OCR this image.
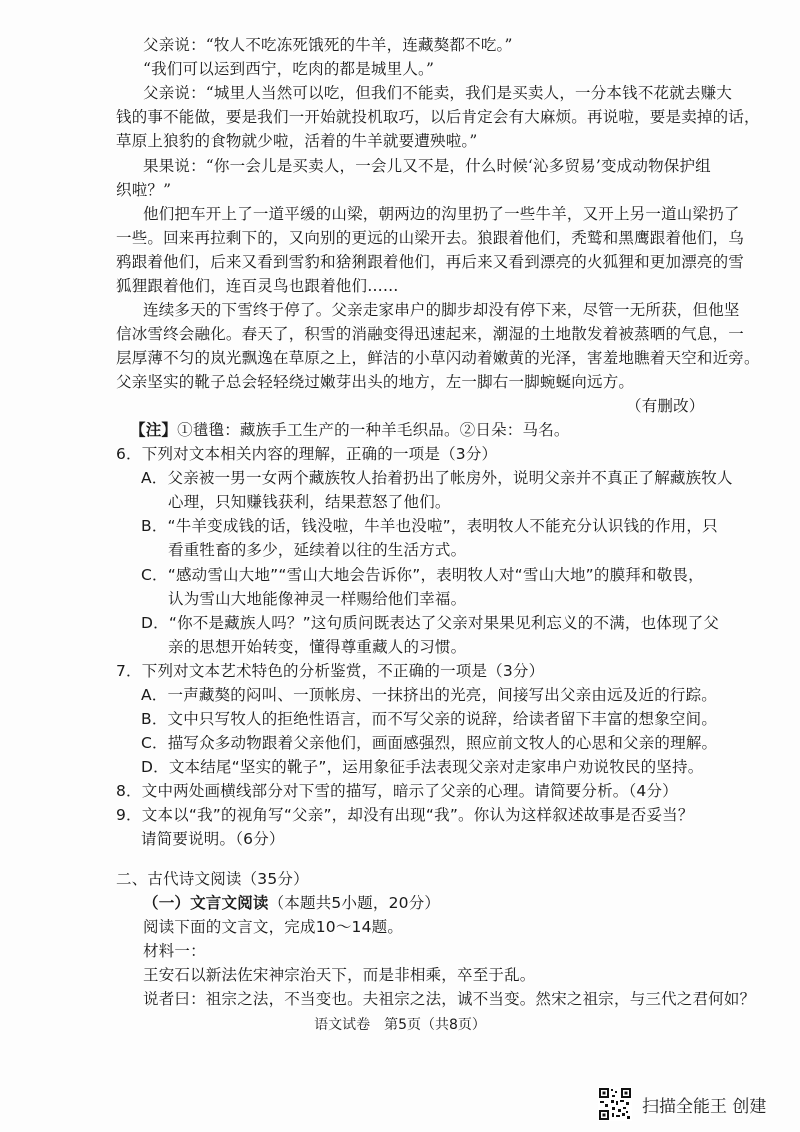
父亲说：“牧人不吃冻死饿死的牛羊，连藏獒都不吃。”
“我们可以运到西宁，吃肉的都是城里人。”
父亲说：“城里人当然可以吃，但我们不能卖，我们是买卖人，一分本钱不花就去赚大
钱的事不能做，要是我们一开始就投机取巧，以后肯定会有大麻烦。再说啦，要是卖掉的话，
草原上狼豹的食物就少啦，活着的牛羊就要遭殃啦。”
果果说：“你一会儿是买卖人，一会儿又不是，什么时候‘沁多贸易’变成动物保护组
织啦？”
他们把车开上了一道平缓的山梁，朝两边的沟里扔了一些牛羊，又开上另一道山梁扔了
一些。回来再拉剩下的，又向别的更远的山梁开去。狼跟着他们，秃鹫和黑鹰跟着他们，乌
鸦跟着他们，后来又看到雪豹和猞猁跟着他们，再后来又看到漂亮的火狐狸和更加漂亮的雪
狐狸跟着他们，连百灵鸟也跟着他们……
连续多天的下雪终于停了。父亲走家串户的脚步却没有停下来，尽管一无所获，但他坚
信冰雪终会融化。春天了，积雪的消融变得迅速起来，潮湿的土地散发着被蒸晒的气息，一
层厚薄不匀的岚光飘逸在草原之上，鲜洁的小草闪动着嫩黄的光泽，害羞地瞧着天空和近旁。
父亲坚实的靴子总会轻轻绕过嫩芽出头的地方，左一脚右一脚蜿蜒向远方。
（有删改）
【注】①氆氇：藏族手工生产的一种羊毛织品。②日朵：马名。
6．下列对文本相关内容的理解，正确的一项是（3分）
A．父亲被一男一女两个藏族牧人抬着扔出了帐房外，说明父亲并不真正了解藏族牧人
心理，只知赚钱获利，结果惹怒了他们。
B．“牛羊变成钱的话，钱没啦，牛羊也没啦”，表明牧人不能充分认识钱的作用，只
看重牲畜的多少，延续着以往的生活方式。
C．“感动雪山大地”“雪山大地会告诉你”，表明牧人对“雪山大地”的膜拜和敬畏，
认为雪山大地能像神灵一样赐给他们幸福。
D．“你不是藏族人吗？”这句质问既表达了父亲对果果见利忘义的不满，也体现了父
亲的思想开始转变，懂得尊重藏人的习惯。
7．下列对文本艺术特色的分析鉴赏，不正确的一项是（3分）
A．一声藏獒的闷叫、一顶帐房、一抹挤出的光亮，间接写出父亲由远及近的行踪。
B．文中只写牧人的拒绝性语言，而不写父亲的说辞，给读者留下丰富的想象空间。
C．描写众多动物跟着父亲他们，画面感强烈，照应前文牧人的心思和父亲的理解。
D．文本结尾“坚实的靴子”，运用象征手法表现父亲对走家串户劝说牧民的坚持。
8．文中两处画横线部分对下雪的描写，暗示了父亲的心理。请简要分析。（4分）
9．文本以“我”的视角写“父亲”，却没有出现“我”。你认为这样叙述故事是否妥当？
请简要说明。（6分）
二、古代诗文阅读（35分）
（一）文言文阅读（本题共5小题，20分）
阅读下面的文言文，完成10～14题。
材料一：
王安石以新法佐宋神宗治天下，而是非相乘，卒至于乱。
说者曰：祖宗之法，不当变也。夫祖宗之法，诚不当变。然宋之祖宗，与三代之君何如？
语文试卷　第5页（共8页）
扫描全能王 创建
